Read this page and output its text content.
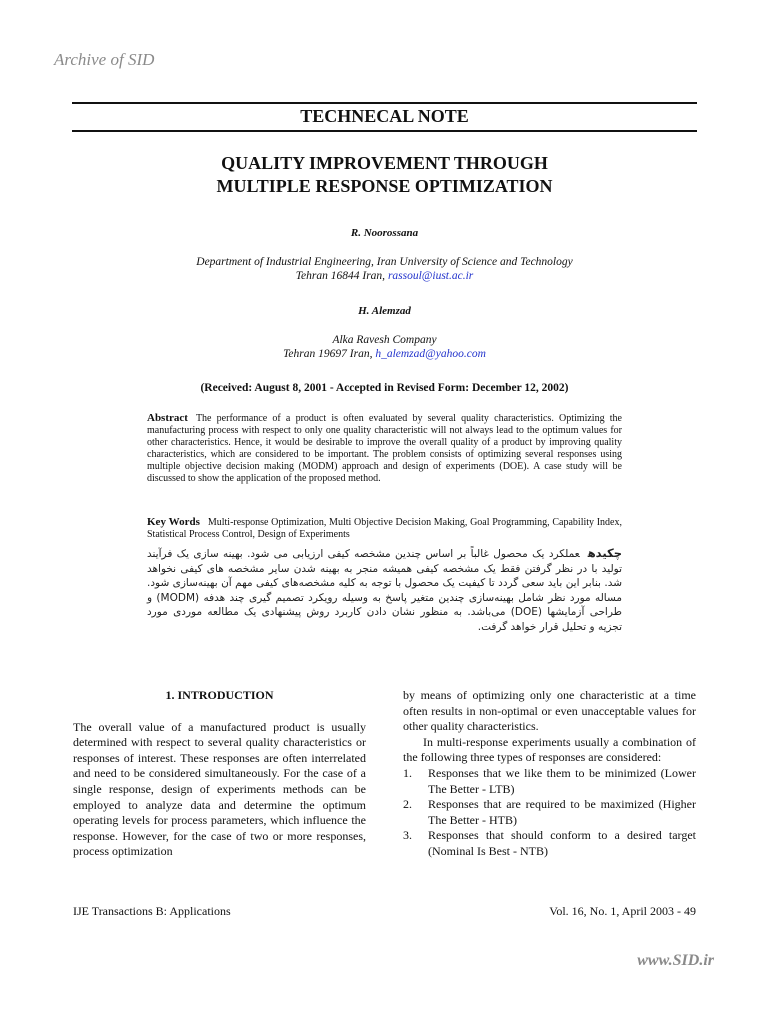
Archive of SID
TECHNECAL NOTE
QUALITY IMPROVEMENT THROUGH
MULTIPLE RESPONSE OPTIMIZATION
R. Noorossana
Department of Industrial Engineering, Iran University of Science and Technology
Tehran 16844 Iran, rassoul@iust.ac.ir
H. Alemzad
Alka Ravesh Company
Tehran 19697 Iran, h_alemzad@yahoo.com
(Received: August 8, 2001 - Accepted in Revised Form: December 12, 2002)
Abstract The performance of a product is often evaluated by several quality characteristics. Optimizing the manufacturing process with respect to only one quality characteristic will not always lead to the optimum values for other characteristics. Hence, it would be desirable to improve the overall quality of a product by improving quality characteristics, which are considered to be important. The problem consists of optimizing several responses using multiple objective decision making (MODM) approach and design of experiments (DOE). A case study will be discussed to show the application of the proposed method.
Key Words Multi-response Optimization, Multi Objective Decision Making, Goal Programming, Capability Index, Statistical Process Control, Design of Experiments
چکیدهعملکرد یک محصول غالباً بر اساس چندین مشخصه کیفی ارزیابی می شود. بهینه سازی یک فرآیند تولید با در نظر گرفتن فقط یک مشخصه کیفی همیشه منجر به بهینه شدن سایر مشخصه های کیفی نخواهد شد. بنابر این باید سعی گردد تا کیفیت یک محصول با توجه به کلیه مشخصه‌های کیفی مهم آن بهینه‌سازی شود. مساله مورد نظر شامل بهینه‌سازی چندین متغیر پاسخ به وسیله رویکرد تصمیم گیری چند هدفه (MODM) و طراحی آزمایشها (DOE) می‌باشد. به منظور نشان دادن کاربرد روش پیشنهادی یک مطالعه موردی مورد تجزیه و تحلیل قرار خواهد گرفت.
1. INTRODUCTION
The overall value of a manufactured product is usually determined with respect to several quality characteristics or responses of interest. These responses are often interrelated and need to be considered simultaneously. For the case of a single response, design of experiments methods can be employed to analyze data and determine the optimum operating levels for process parameters, which influence the response. However, for the case of two or more responses, process optimization
by means of optimizing only one characteristic at a time often results in non-optimal or even unacceptable values for other quality characteristics.
In multi-response experiments usually a combination of the following three types of responses are considered:
1. Responses that we like them to be minimized (Lower The Better - LTB)
2. Responses that are required to be maximized (Higher The Better - HTB)
3. Responses that should conform to a desired target (Nominal Is Best - NTB)
IJE Transactions B: Applications	Vol. 16, No. 1, April 2003 - 49
www.SID.ir
